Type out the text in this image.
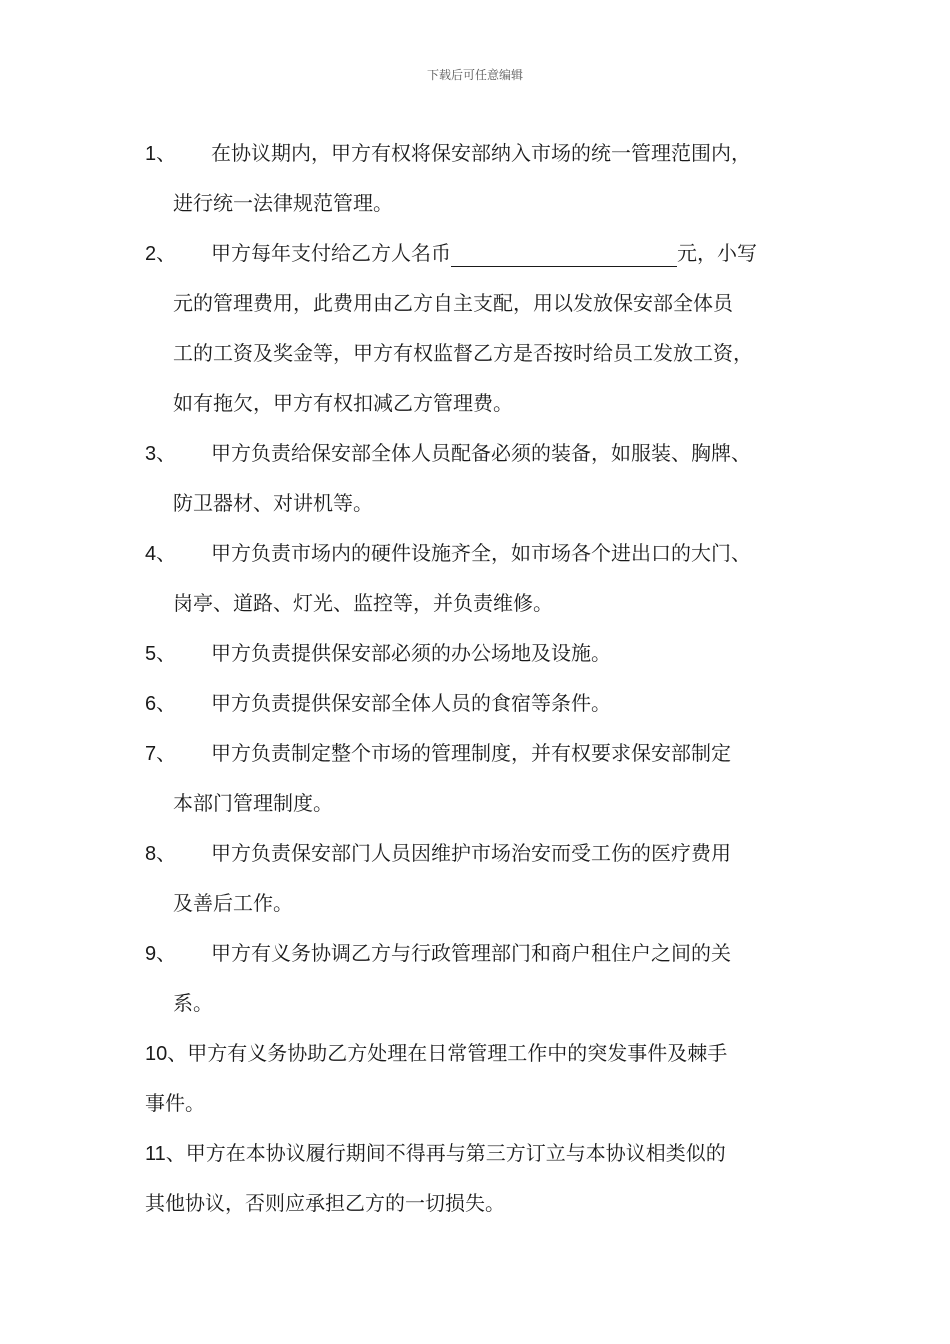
下载后可任意编辑
1、 在协议期内，甲方有权将保安部纳入市场的统一管理范围内，
进行统一法律规范管理。
2、 甲方每年支付给乙方人名币	元，小写
元的管理费用，此费用由乙方自主支配，用以发放保安部全体员
工的工资及奖金等，甲方有权监督乙方是否按时给员工发放工资，
如有拖欠，甲方有权扣减乙方管理费。
3、 甲方负责给保安部全体人员配备必须的装备，如服装、胸牌、
防卫器材、对讲机等。
4、 甲方负责市场内的硬件设施齐全，如市场各个进出口的大门、
岗亭、道路、灯光、监控等，并负责维修。
5、 甲方负责提供保安部必须的办公场地及设施。
6、 甲方负责提供保安部全体人员的食宿等条件。
7、 甲方负责制定整个市场的管理制度，并有权要求保安部制定
本部门管理制度。
8、 甲方负责保安部门人员因维护市场治安而受工伤的医疗费用
及善后工作。
9、 甲方有义务协调乙方与行政管理部门和商户租住户之间的关
系。
10、甲方有义务协助乙方处理在日常管理工作中的突发事件及棘手
事件。
11、甲方在本协议履行期间不得再与第三方订立与本协议相类似的
其他协议，否则应承担乙方的一切损失。
